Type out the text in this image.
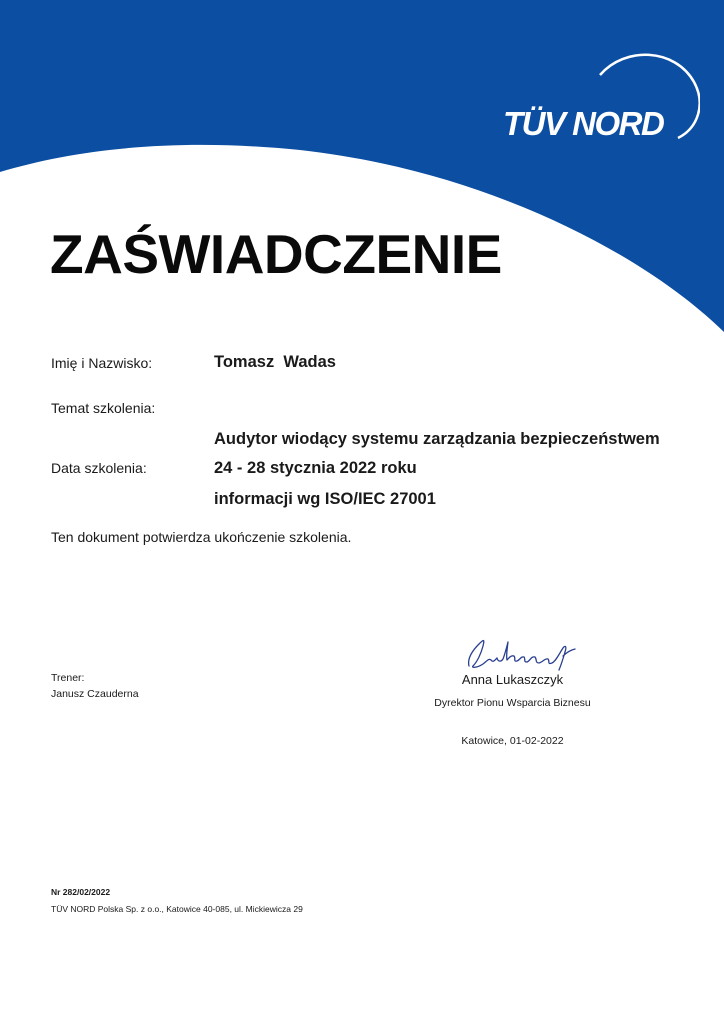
TÜV NORD
ZAŚWIADCZENIE
Imię i Nazwisko:	Tomasz  Wadas
Temat szkolenia:

Audytor wiodący systemu zarządzania bezpieczeństwem

informacji wg ISO/IEC 27001

Data szkolenia:	24 - 28 stycznia 2022 roku
Ten dokument potwierdza ukończenie szkolenia.
Trener:
Janusz Czauderna
Anna Lukaszczyk
Dyrektor Pionu Wsparcia Biznesu
Katowice, 01-02-2022
Nr 282/02/2022
TÜV NORD Polska Sp. z o.o., Katowice 40-085, ul. Mickiewicza 29
